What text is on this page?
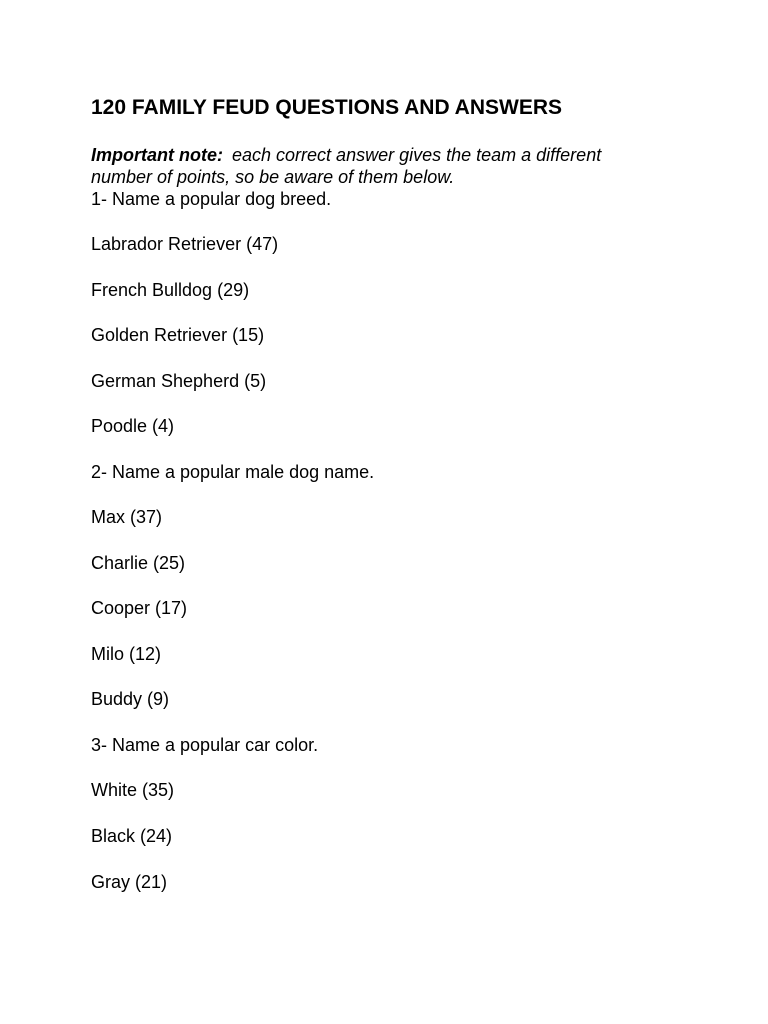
120 FAMILY FEUD QUESTIONS AND ANSWERS
Important note: each correct answer gives the team a different number of points, so be aware of them below.
1- Name a popular dog breed.
Labrador Retriever (47)
French Bulldog (29)
Golden Retriever (15)
German Shepherd (5)
Poodle (4)
2- Name a popular male dog name.
Max (37)
Charlie (25)
Cooper (17)
Milo (12)
Buddy (9)
3- Name a popular car color.
White (35)
Black (24)
Gray (21)
